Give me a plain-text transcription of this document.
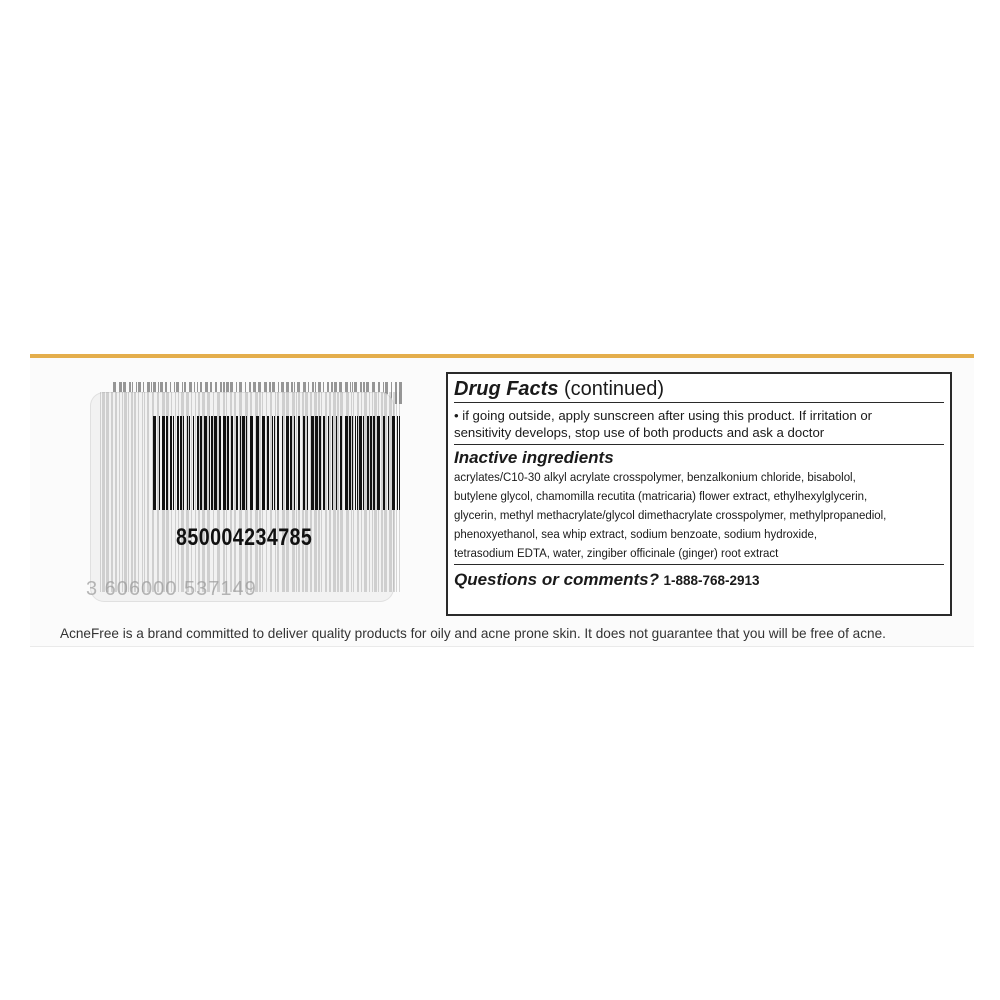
850004234785
3 606000 537149
Drug Facts (continued)
• if going outside, apply sunscreen after using this product. If irritation or
sensitivity develops, stop use of both products and ask a doctor
Inactive ingredients
acrylates/C10-30 alkyl acrylate crosspolymer, benzalkonium chloride, bisabolol,
butylene glycol, chamomilla recutita (matricaria) flower extract, ethylhexylglycerin,
glycerin, methyl methacrylate/glycol dimethacrylate crosspolymer, methylpropanediol,
phenoxyethanol, sea whip extract, sodium benzoate, sodium hydroxide,
tetrasodium EDTA, water, zingiber officinale (ginger) root extract
Questions or comments? 1-888-768-2913
AcneFree is a brand committed to deliver quality products for oily and acne prone skin. It does not guarantee that you will be free of acne.
